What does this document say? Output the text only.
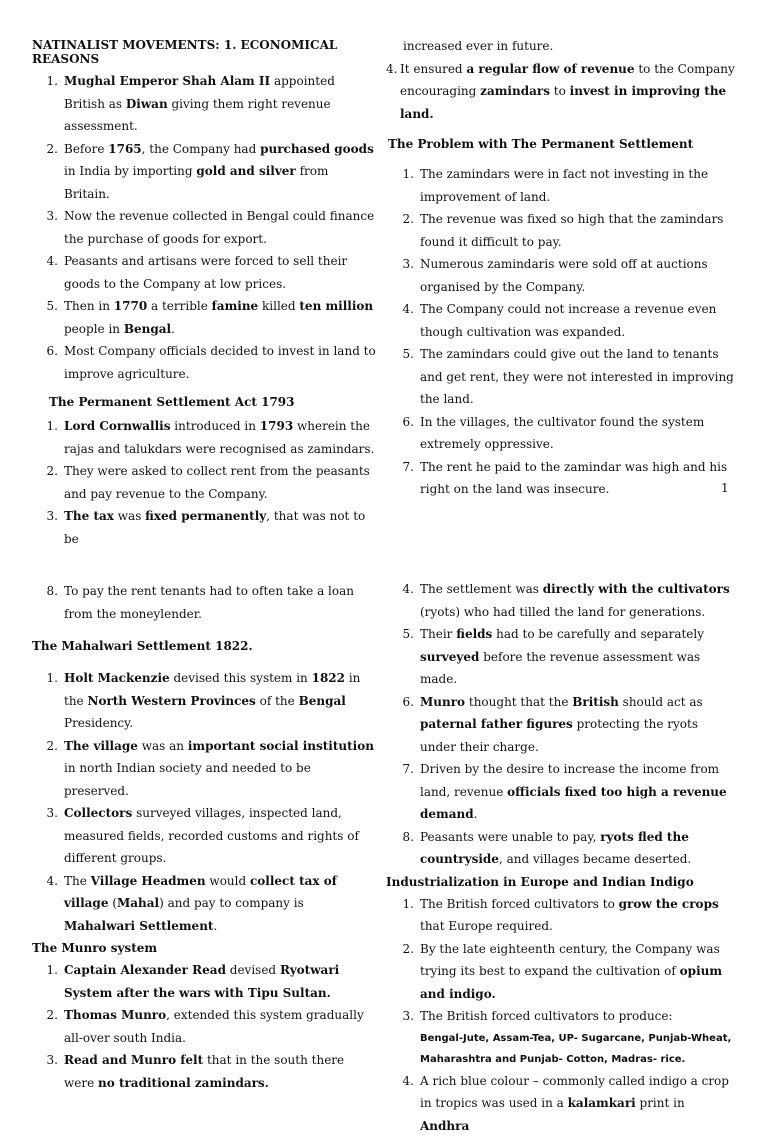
NATINALIST MOVEMENTS: 1. ECONOMICAL REASONS

1. Mughal Emperor Shah Alam II appointed British as Diwan giving them right revenue assessment.
2. Before 1765, the Company had purchased goods in India by importing gold and silver from Britain.
3. Now the revenue collected in Bengal could finance the purchase of goods for export.
4. Peasants and artisans were forced to sell their goods to the Company at low prices.
5. Then in 1770 a terrible famine killed ten million people in Bengal.
6. Most Company officials decided to invest in land to improve agriculture.

The Permanent Settlement Act 1793

1. Lord Cornwallis introduced in 1793 wherein the rajas and talukdars were recognised as zamindars.
2. They were asked to collect rent from the peasants and pay revenue to the Company.
3. The tax was fixed permanently, that was not to be
increased ever in future.
4. It ensured a regular flow of revenue to the Company encouraging zamindars to invest in improving the land.

The Problem with The Permanent Settlement

1. The zamindars were in fact not investing in the improvement of land.
2. The revenue was fixed so high that the zamindars found it difficult to pay.
3. Numerous zamindaris were sold off at auctions organised by the Company.
4. The Company could not increase a revenue even though cultivation was expanded.
5. The zamindars could give out the land to tenants and get rent, they were not interested in improving the land.
6. In the villages, the cultivator found the system extremely oppressive.
7. The rent he paid to the zamindar was high and his right on the land was insecure.	1
8. To pay the rent tenants had to often take a loan from the moneylender.

The Mahalwari Settlement 1822.

1. Holt Mackenzie devised this system in 1822 in the North Western Provinces of the Bengal Presidency.
2. The village was an important social institution in north Indian society and needed to be preserved.
3. Collectors surveyed villages, inspected land, measured fields, recorded customs and rights of different groups.
4. The Village Headmen would collect tax of village (Mahal) and pay to company is Mahalwari Settlement.

The Munro system

1. Captain Alexander Read devised Ryotwari System after the wars with Tipu Sultan.
2. Thomas Munro, extended this system gradually all-over south India.
3. Read and Munro felt that in the south there were no traditional zamindars.
4. The settlement was directly with the cultivators (ryots) who had tilled the land for generations.
5. Their fields had to be carefully and separately surveyed before the revenue assessment was made.
6. Munro thought that the British should act as paternal father figures protecting the ryots under their charge.
7. Driven by the desire to increase the income from land, revenue officials fixed too high a revenue demand.
8. Peasants were unable to pay, ryots fled the countryside, and villages became deserted.

Industrialization in Europe and Indian Indigo

1. The British forced cultivators to grow the crops that Europe required.
2. By the late eighteenth century, the Company was trying its best to expand the cultivation of opium and indigo.
3. The British forced cultivators to produce:
Bengal-Jute, Assam-Tea, UP- Sugarcane, Punjab-Wheat,
Maharashtra and Punjab- Cotton, Madras- rice.
4. A rich blue colour – commonly called indigo a crop in tropics was used in a kalamkari print in Andhra
